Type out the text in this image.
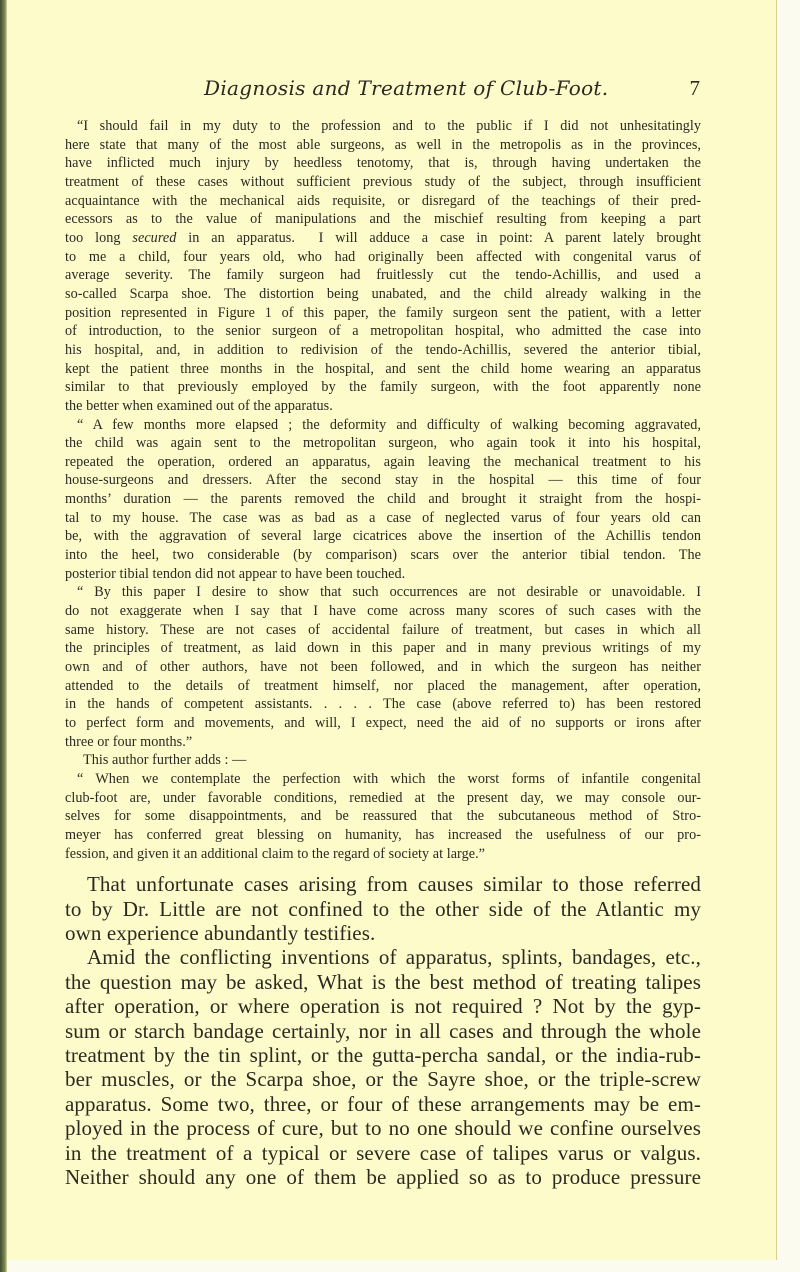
Diagnosis and Treatment of Club-Foot.	7
“I should fail in my duty to the profession and to the public if I did not unhesitatingly
here state that many of the most able surgeons, as well in the metropolis as in the provinces,
have inflicted much injury by heedless tenotomy, that is, through having undertaken the
treatment of these cases without sufficient previous study of the subject, through insufficient
acquaintance with the mechanical aids requisite, or disregard of the teachings of their pred-
ecessors as to the value of manipulations and the mischief resulting from keeping a part
too long secured in an apparatus.  I will adduce a case in point: A parent lately brought
to me a child, four years old, who had originally been affected with congenital varus of
average severity. The family surgeon had fruitlessly cut the tendo-Achillis, and used a
so-called Scarpa shoe. The distortion being unabated, and the child already walking in the
position represented in Figure 1 of this paper, the family surgeon sent the patient, with a letter
of introduction, to the senior surgeon of a metropolitan hospital, who admitted the case into
his hospital, and, in addition to redivision of the tendo-Achillis, severed the anterior tibial,
kept the patient three months in the hospital, and sent the child home wearing an apparatus
similar to that previously employed by the family surgeon, with the foot apparently none
the better when examined out of the apparatus.
“ A few months more elapsed ; the deformity and difficulty of walking becoming aggravated,
the child was again sent to the metropolitan surgeon, who again took it into his hospital,
repeated the operation, ordered an apparatus, again leaving the mechanical treatment to his
house-surgeons and dressers. After the second stay in the hospital — this time of four
months’ duration — the parents removed the child and brought it straight from the hospi-
tal to my house. The case was as bad as a case of neglected varus of four years old can
be, with the aggravation of several large cicatrices above the insertion of the Achillis tendon
into the heel, two considerable (by comparison) scars over the anterior tibial tendon. The
posterior tibial tendon did not appear to have been touched.
“ By this paper I desire to show that such occurrences are not desirable or unavoidable. I
do not exaggerate when I say that I have come across many scores of such cases with the
same history. These are not cases of accidental failure of treatment, but cases in which all
the principles of treatment, as laid down in this paper and in many previous writings of my
own and of other authors, have not been followed, and in which the surgeon has neither
attended to the details of treatment himself, nor placed the management, after operation,
in the hands of competent assistants. . . . . The case (above referred to) has been restored
to perfect form and movements, and will, I expect, need the aid of no supports or irons after
three or four months.”
This author further adds : —
“ When we contemplate the perfection with which the worst forms of infantile congenital
club-foot are, under favorable conditions, remedied at the present day, we may console our-
selves for some disappointments, and be reassured that the subcutaneous method of Stro-
meyer has conferred great blessing on humanity, has increased the usefulness of our pro-
fession, and given it an additional claim to the regard of society at large.”
That unfortunate cases arising from causes similar to those referred
to by Dr. Little are not confined to the other side of the Atlantic my
own experience abundantly testifies.
Amid the conflicting inventions of apparatus, splints, bandages, etc.,
the question may be asked, What is the best method of treating talipes
after operation, or where operation is not required ? Not by the gyp-
sum or starch bandage certainly, nor in all cases and through the whole
treatment by the tin splint, or the gutta-percha sandal, or the india-rub-
ber muscles, or the Scarpa shoe, or the Sayre shoe, or the triple-screw
apparatus. Some two, three, or four of these arrangements may be em-
ployed in the process of cure, but to no one should we confine ourselves
in the treatment of a typical or severe case of talipes varus or valgus.
Neither should any one of them be applied so as to produce pressure
